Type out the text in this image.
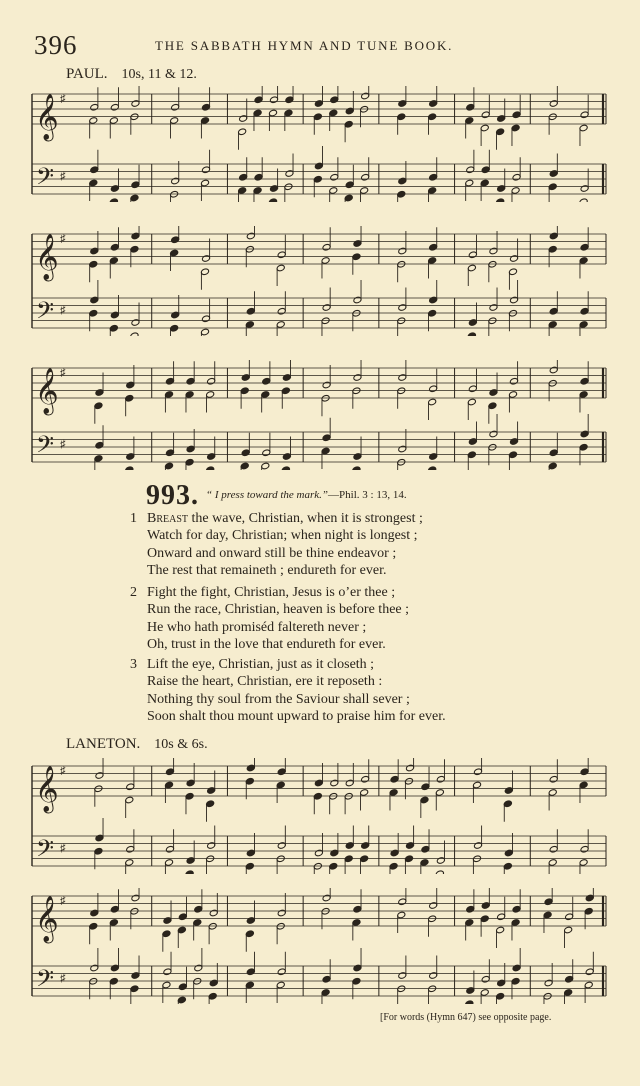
396	THE SABBATH HYMN AND TUNE BOOK.
PAUL. 10s, 11 & 12.
𝄞
𝄢
♯
♯
𝄞
𝄢
♯
♯
𝄞
𝄢
♯
♯
993. “ I press toward the mark.”—Phil. 3 : 13, 14.
1 Breast the wave, Christian, when it is strongest ;
Watch for day, Christian; when night is longest ;
Onward and onward still be thine endeavor ;
The rest that remaineth ; endureth for ever.
2 Fight the fight, Christian, Jesus is o’er thee ;
Run the race, Christian, heaven is before thee ;
He who hath promiséd faltereth never ;
Oh, trust in the love that endureth for ever.
3 Lift the eye, Christian, just as it closeth ;
Raise the heart, Christian, ere it reposeth :
Nothing thy soul from the Saviour shall sever ;
Soon shalt thou mount upward to praise him for ever.
LANETON. 10s & 6s.
𝄞
𝄢
♯
♯
𝄞
𝄢
♯
♯
[For words (Hymn 647) see opposite page.
